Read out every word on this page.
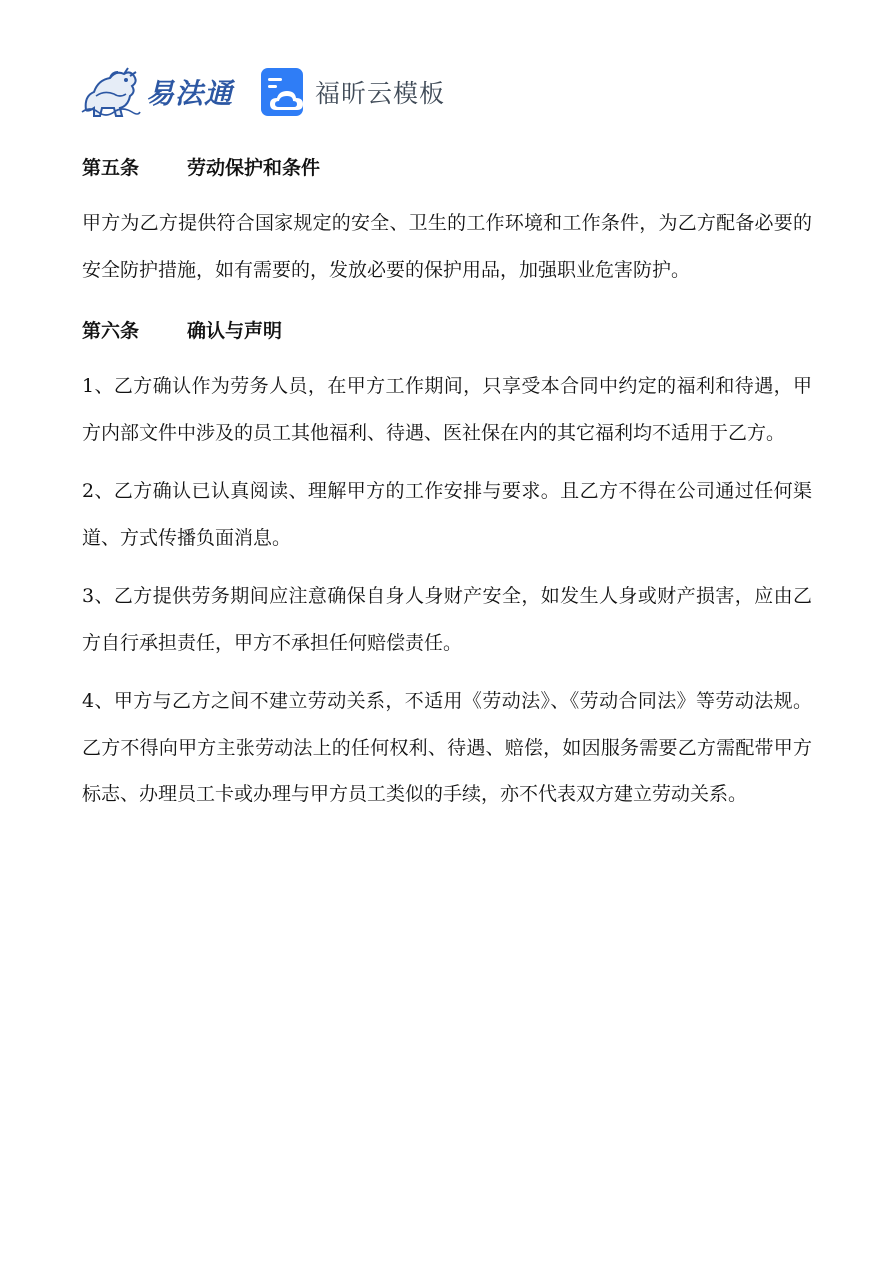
易法通	福昕云模板
第五条	劳动保护和条件

甲方为乙方提供符合国家规定的安全、卫生的工作环境和工作条件，为乙方配备必要的安全防护措施，如有需要的，发放必要的保护用品，加强职业危害防护。

第六条	确认与声明

1、乙方确认作为劳务人员，在甲方工作期间，只享受本合同中约定的福利和待遇，甲方内部文件中涉及的员工其他福利、待遇、医社保在内的其它福利均不适用于乙方。

2、乙方确认已认真阅读、理解甲方的工作安排与要求。且乙方不得在公司通过任何渠道、方式传播负面消息。

3、乙方提供劳务期间应注意确保自身人身财产安全，如发生人身或财产损害，应由乙方自行承担责任，甲方不承担任何赔偿责任。

4、甲方与乙方之间不建立劳动关系，不适用《劳动法》、《劳动合同法》等劳动法规。乙方不得向甲方主张劳动法上的任何权利、待遇、赔偿，如因服务需要乙方需配带甲方标志、办理员工卡或办理与甲方员工类似的手续，亦不代表双方建立劳动关系。
